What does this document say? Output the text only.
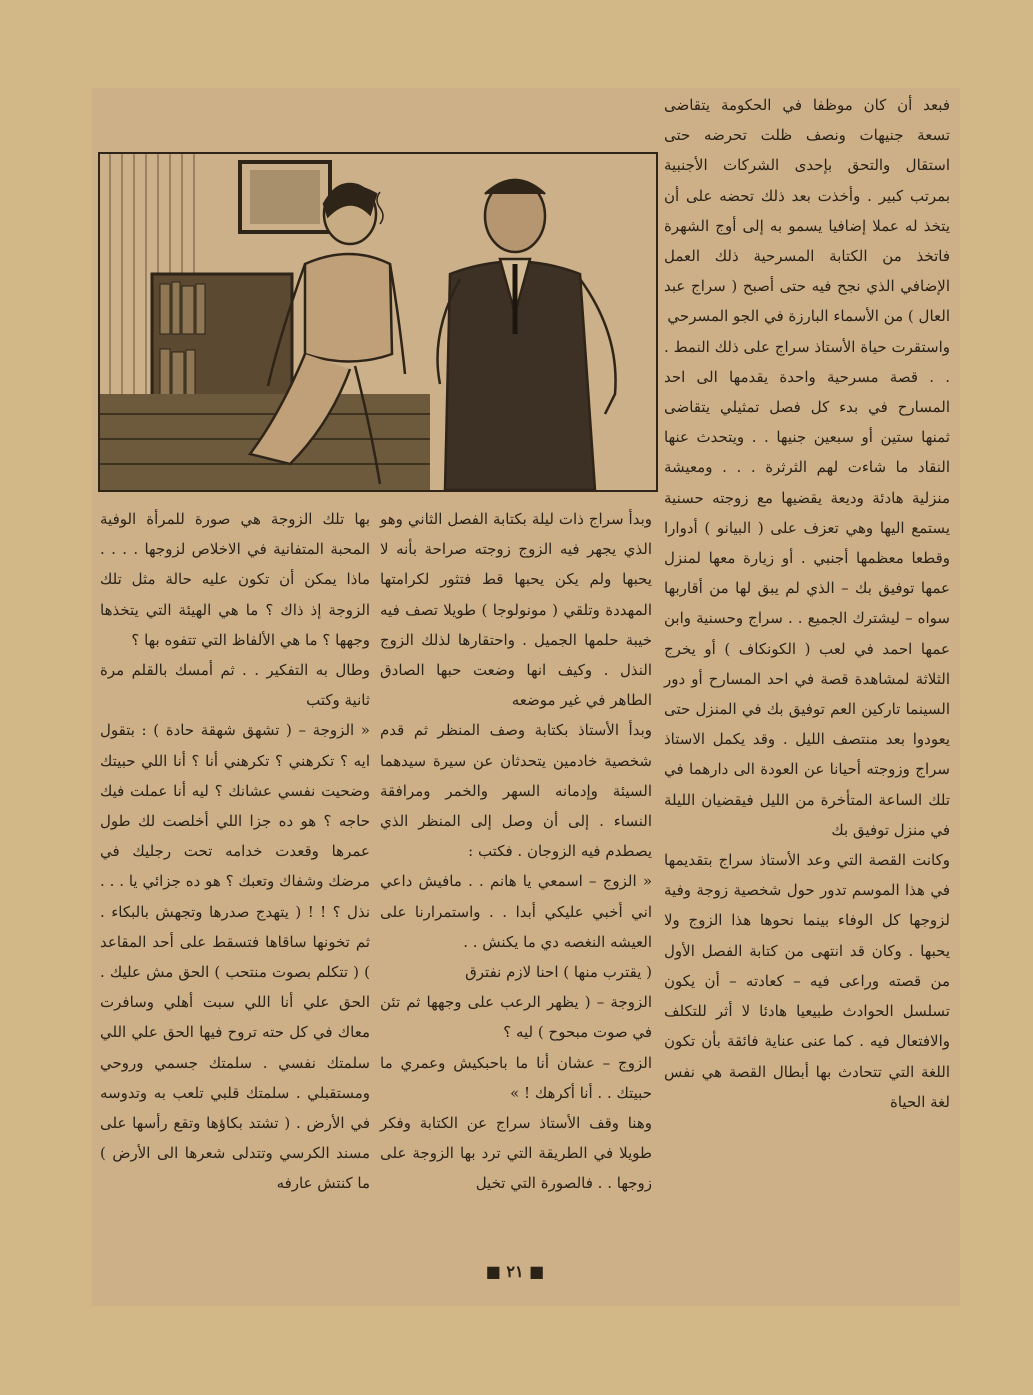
فبعد أن كان موظفا في الحكومة يتقاضى تسعة جنيهات ونصف ظلت تحرضه حتى استقال والتحق بإحدى الشركات الأجنبية بمرتب كبير . وأخذت بعد ذلك تحضه على أن يتخذ له عملا إضافيا يسمو به إلى أوج الشهرة فاتخذ من الكتابة المسرحية ذلك العمل الإضافي الذي نجح فيه حتى أصبح ( سراج عبد العال ) من الأسماء البارزة في الجو المسرحي

واستقرت حياة الأستاذ سراج على ذلك النمط . . . قصة مسرحية واحدة يقدمها الى احد المسارح في بدء كل فصل تمثيلي يتقاضى ثمنها ستين أو سبعين جنيها . . ويتحدث عنها النقاد ما شاءت لهم الثرثرة . . . ومعيشة منزلية هادئة وديعة يقضيها مع زوجته حسنية يستمع اليها وهي تعزف على ( البيانو ) أدوارا وقطعا معظمها أجنبي . أو زيارة معها لمنزل عمها توفيق بك – الذي لم يبق لها من أقاربها سواه – ليشترك الجميع . . سراج وحسنية وابن عمها احمد في لعب ( الكونكاف ) أو يخرج الثلاثة لمشاهدة قصة في احد المسارح أو دور السينما تاركين العم توفيق بك في المنزل حتى يعودوا بعد منتصف الليل . وقد يكمل الاستاذ سراج وزوجته أحيانا عن العودة الى دارهما في تلك الساعة المتأخرة من الليل فيقضيان الليلة في منزل توفيق بك

وكانت القصة التي وعد الأستاذ سراج بتقديمها في هذا الموسم تدور حول شخصية زوجة وفية لزوجها كل الوفاء بينما نحوها هذا الزوج ولا يحبها . وكان قد انتهى من كتابة الفصل الأول من قصته وراعى فيه – كعادته – أن يكون تسلسل الحوادث طبيعيا هادئا لا أثر للتكلف والافتعال فيه . كما عنى عناية فائقة بأن تكون اللغة التي تتحادث بها أبطال القصة هي نفس لغة الحياة

وبدأ سراج ذات ليلة بكتابة الفصل الثاني وهو الذي يجهر فيه الزوج زوجته صراحة بأنه لا يحبها ولم يكن يحبها قط فتثور لكرامتها المهددة وتلقي ( مونولوجا ) طويلا تصف فيه خيبة حلمها الجميل . واحتقارها لذلك الزوج النذل . وكيف انها وضعت حبها الصادق الطاهر في غير موضعه

وبدأ الأستاذ بكتابة وصف المنظر ثم قدم شخصية خادمين يتحدثان عن سيرة سيدهما السيئة وإدمانه السهر والخمر ومرافقة النساء . إلى أن وصل إلى المنظر الذي يصطدم فيه الزوجان . فكتب :

« الزوج – اسمعي يا هانم . . مافيش داعي اني أخبي عليكي أبدا . . واستمرارنا على العيشه النغصه دي ما يكنش . .

( يقترب منها ) احنا لازم نفترق

الزوجة – ( يظهر الرعب على وجهها ثم تئن في صوت مبحوح ) ليه ؟

الزوج – عشان أنا ما باحبكيش وعمري ما حبيتك . . أنا أكرهك ! »

وهنا وقف الأستاذ سراج عن الكتابة وفكر طويلا في الطريقة التي ترد بها الزوجة على زوجها . . فالصورة التي تخيل

بها تلك الزوجة هي صورة للمرأة الوفية المحبة المتفانية في الاخلاص لزوجها . . . . ماذا يمكن أن تكون عليه حالة مثل تلك الزوجة إذ ذاك ؟ ما هي الهيئة التي يتخذها وجهها ؟ ما هي الألفاظ التي تتفوه بها ؟

وطال به التفكير . . ثم أمسك بالقلم مرة ثانية وكتب

« الزوجة – ( تشهق شهقة حادة ) : بتقول ايه ؟ تكرهني ؟ تكرهني أنا ؟ أنا اللي حبيتك وضحيت نفسي عشانك ؟ ليه أنا عملت فيك حاجه ؟ هو ده جزا اللي أخلصت لك طول عمرها وقعدت خدامه تحت رجليك في مرضك وشفاك وتعبك ؟ هو ده جزائي يا . . . نذل ؟ ! ! ( يتهدج صدرها وتجهش بالبكاء . ثم تخونها ساقاها فتسقط على أحد المقاعد ) ( تتكلم بصوت منتحب ) الحق مش عليك . الحق علي أنا اللي سبت أهلي وسافرت معاك في كل حته تروح فيها الحق علي اللي سلمتك نفسي . سلمتك جسمي وروحي ومستقبلي . سلمتك قلبي تلعب به وتدوسه في الأرض . ( تشتد بكاؤها وتقع رأسها على مسند الكرسي وتتدلى شعرها الى الأرض ) ما كنتش عارفه

■ ٢١ ■
